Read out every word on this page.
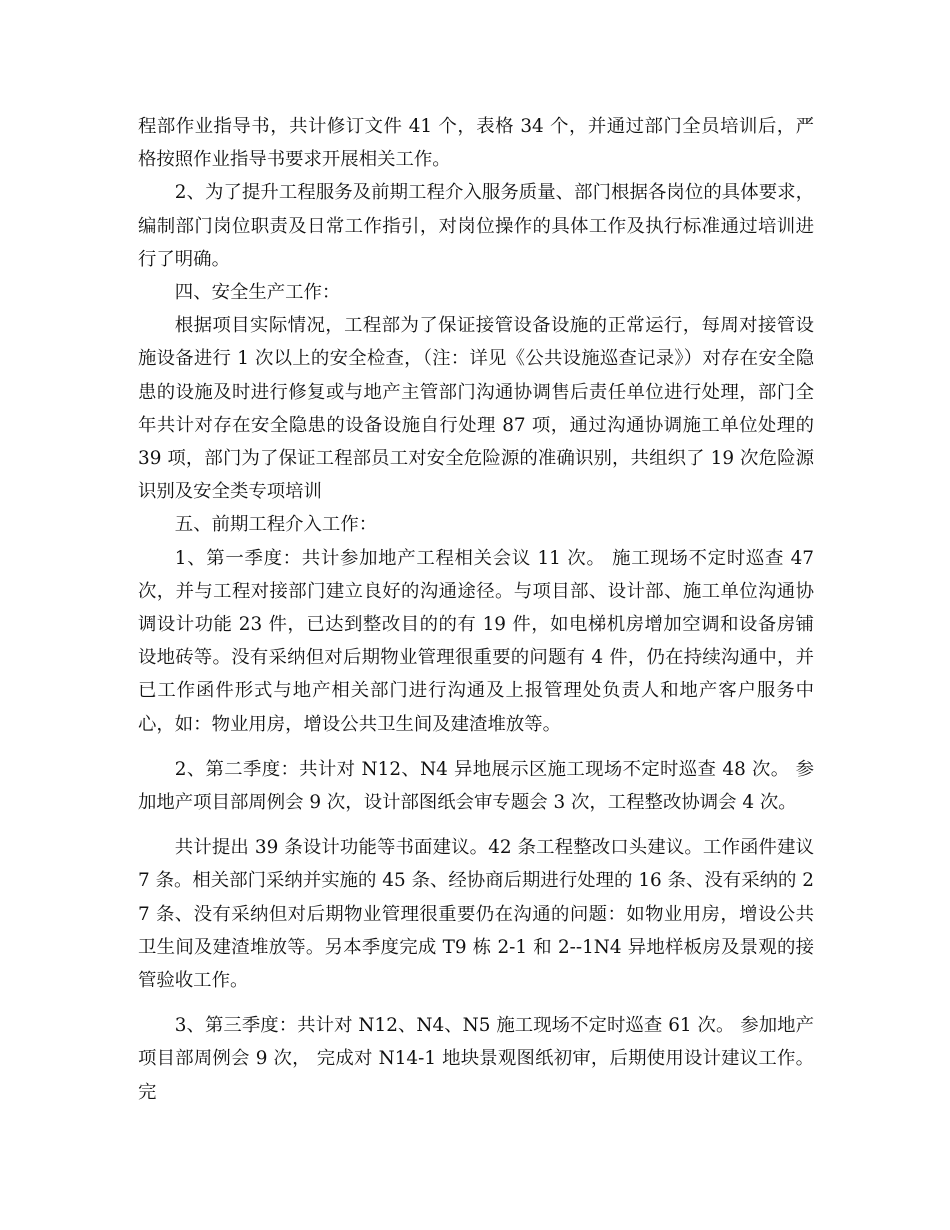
程部作业指导书，共计修订文件 41 个，表格 34 个，并通过部门全员培训后，严格按照作业指导书要求开展相关工作。

2、为了提升工程服务及前期工程介入服务质量、部门根据各岗位的具体要求，编制部门岗位职责及日常工作指引，对岗位操作的具体工作及执行标准通过培训进行了明确。

四、安全生产工作：

根据项目实际情况，工程部为了保证接管设备设施的正常运行，每周对接管设施设备进行 1 次以上的安全检查，（注：详见《公共设施巡查记录》）对存在安全隐患的设施及时进行修复或与地产主管部门沟通协调售后责任单位进行处理，部门全年共计对存在安全隐患的设备设施自行处理 87 项，通过沟通协调施工单位处理的 39 项，部门为了保证工程部员工对安全危险源的准确识别，共组织了 19 次危险源识别及安全类专项培训

五、前期工程介入工作：

1、第一季度：共计参加地产工程相关会议 11 次。 施工现场不定时巡查 47 次，并与工程对接部门建立良好的沟通途径。与项目部、设计部、施工单位沟通协调设计功能 23 件，已达到整改目的的有 19 件，如电梯机房增加空调和设备房铺设地砖等。没有采纳但对后期物业管理很重要的问题有 4 件，仍在持续沟通中，并已工作函件形式与地产相关部门进行沟通及上报管理处负责人和地产客户服务中心，如：物业用房，增设公共卫生间及建渣堆放等。

2、第二季度：共计对 N12、N4 异地展示区施工现场不定时巡查 48 次。 参加地产项目部周例会 9 次，设计部图纸会审专题会 3 次，工程整改协调会 4 次。

共计提出 39 条设计功能等书面建议。42 条工程整改口头建议。工作函件建议 7 条。相关部门采纳并实施的 45 条、经协商后期进行处理的 16 条、没有采纳的 27 条、没有采纳但对后期物业管理很重要仍在沟通的问题：如物业用房，增设公共卫生间及建渣堆放等。另本季度完成 T9 栋 2-1 和 2--1N4 异地样板房及景观的接管验收工作。

3、第三季度：共计对 N12、N4、N5 施工现场不定时巡查 61 次。 参加地产项目部周例会 9 次， 完成对 N14-1 地块景观图纸初审，后期使用设计建议工作。完
